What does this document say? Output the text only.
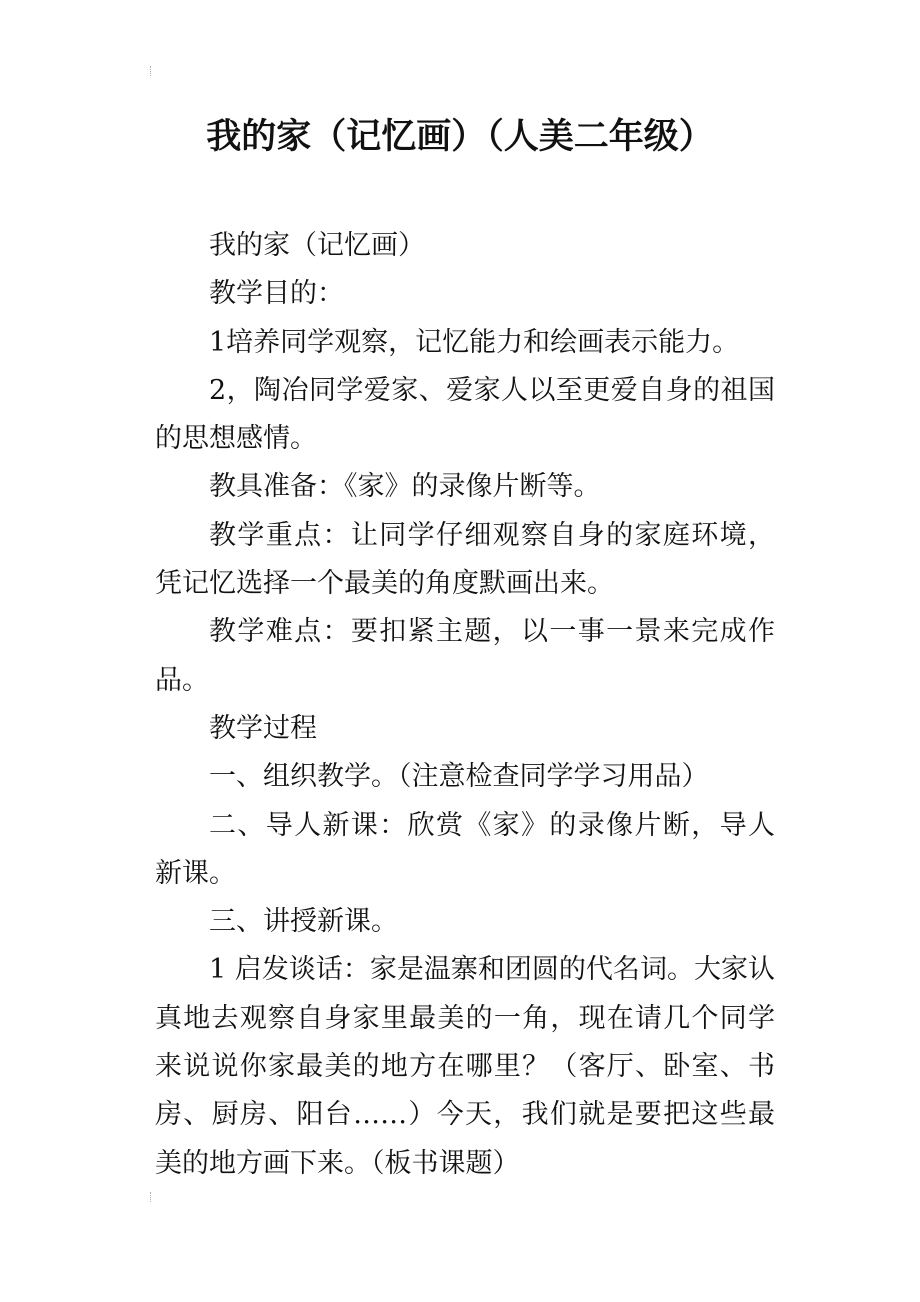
我的家（记忆画）（人美二年级）

我的家（记忆画）

教学目的：

1培养同学观察，记忆能力和绘画表示能力。

2，陶冶同学爱家、爱家人以至更爱自身的祖国的思想感情。

教具准备：《家》的录像片断等。

教学重点：让同学仔细观察自身的家庭环境，凭记忆选择一个最美的角度默画出来。

教学难点：要扣紧主题，以一事一景来完成作品。

教学过程

一、组织教学。（注意检查同学学习用品）

二、导人新课：欣赏《家》的录像片断，导人新课。

三、讲授新课。

1 启发谈话：家是温寨和团圆的代名词。大家认真地去观察自身家里最美的一角，现在请几个同学来说说你家最美的地方在哪里？（客厅、卧室、书房、厨房、阳台……）今天，我们就是要把这些最美的地方画下来。（板书课题）
